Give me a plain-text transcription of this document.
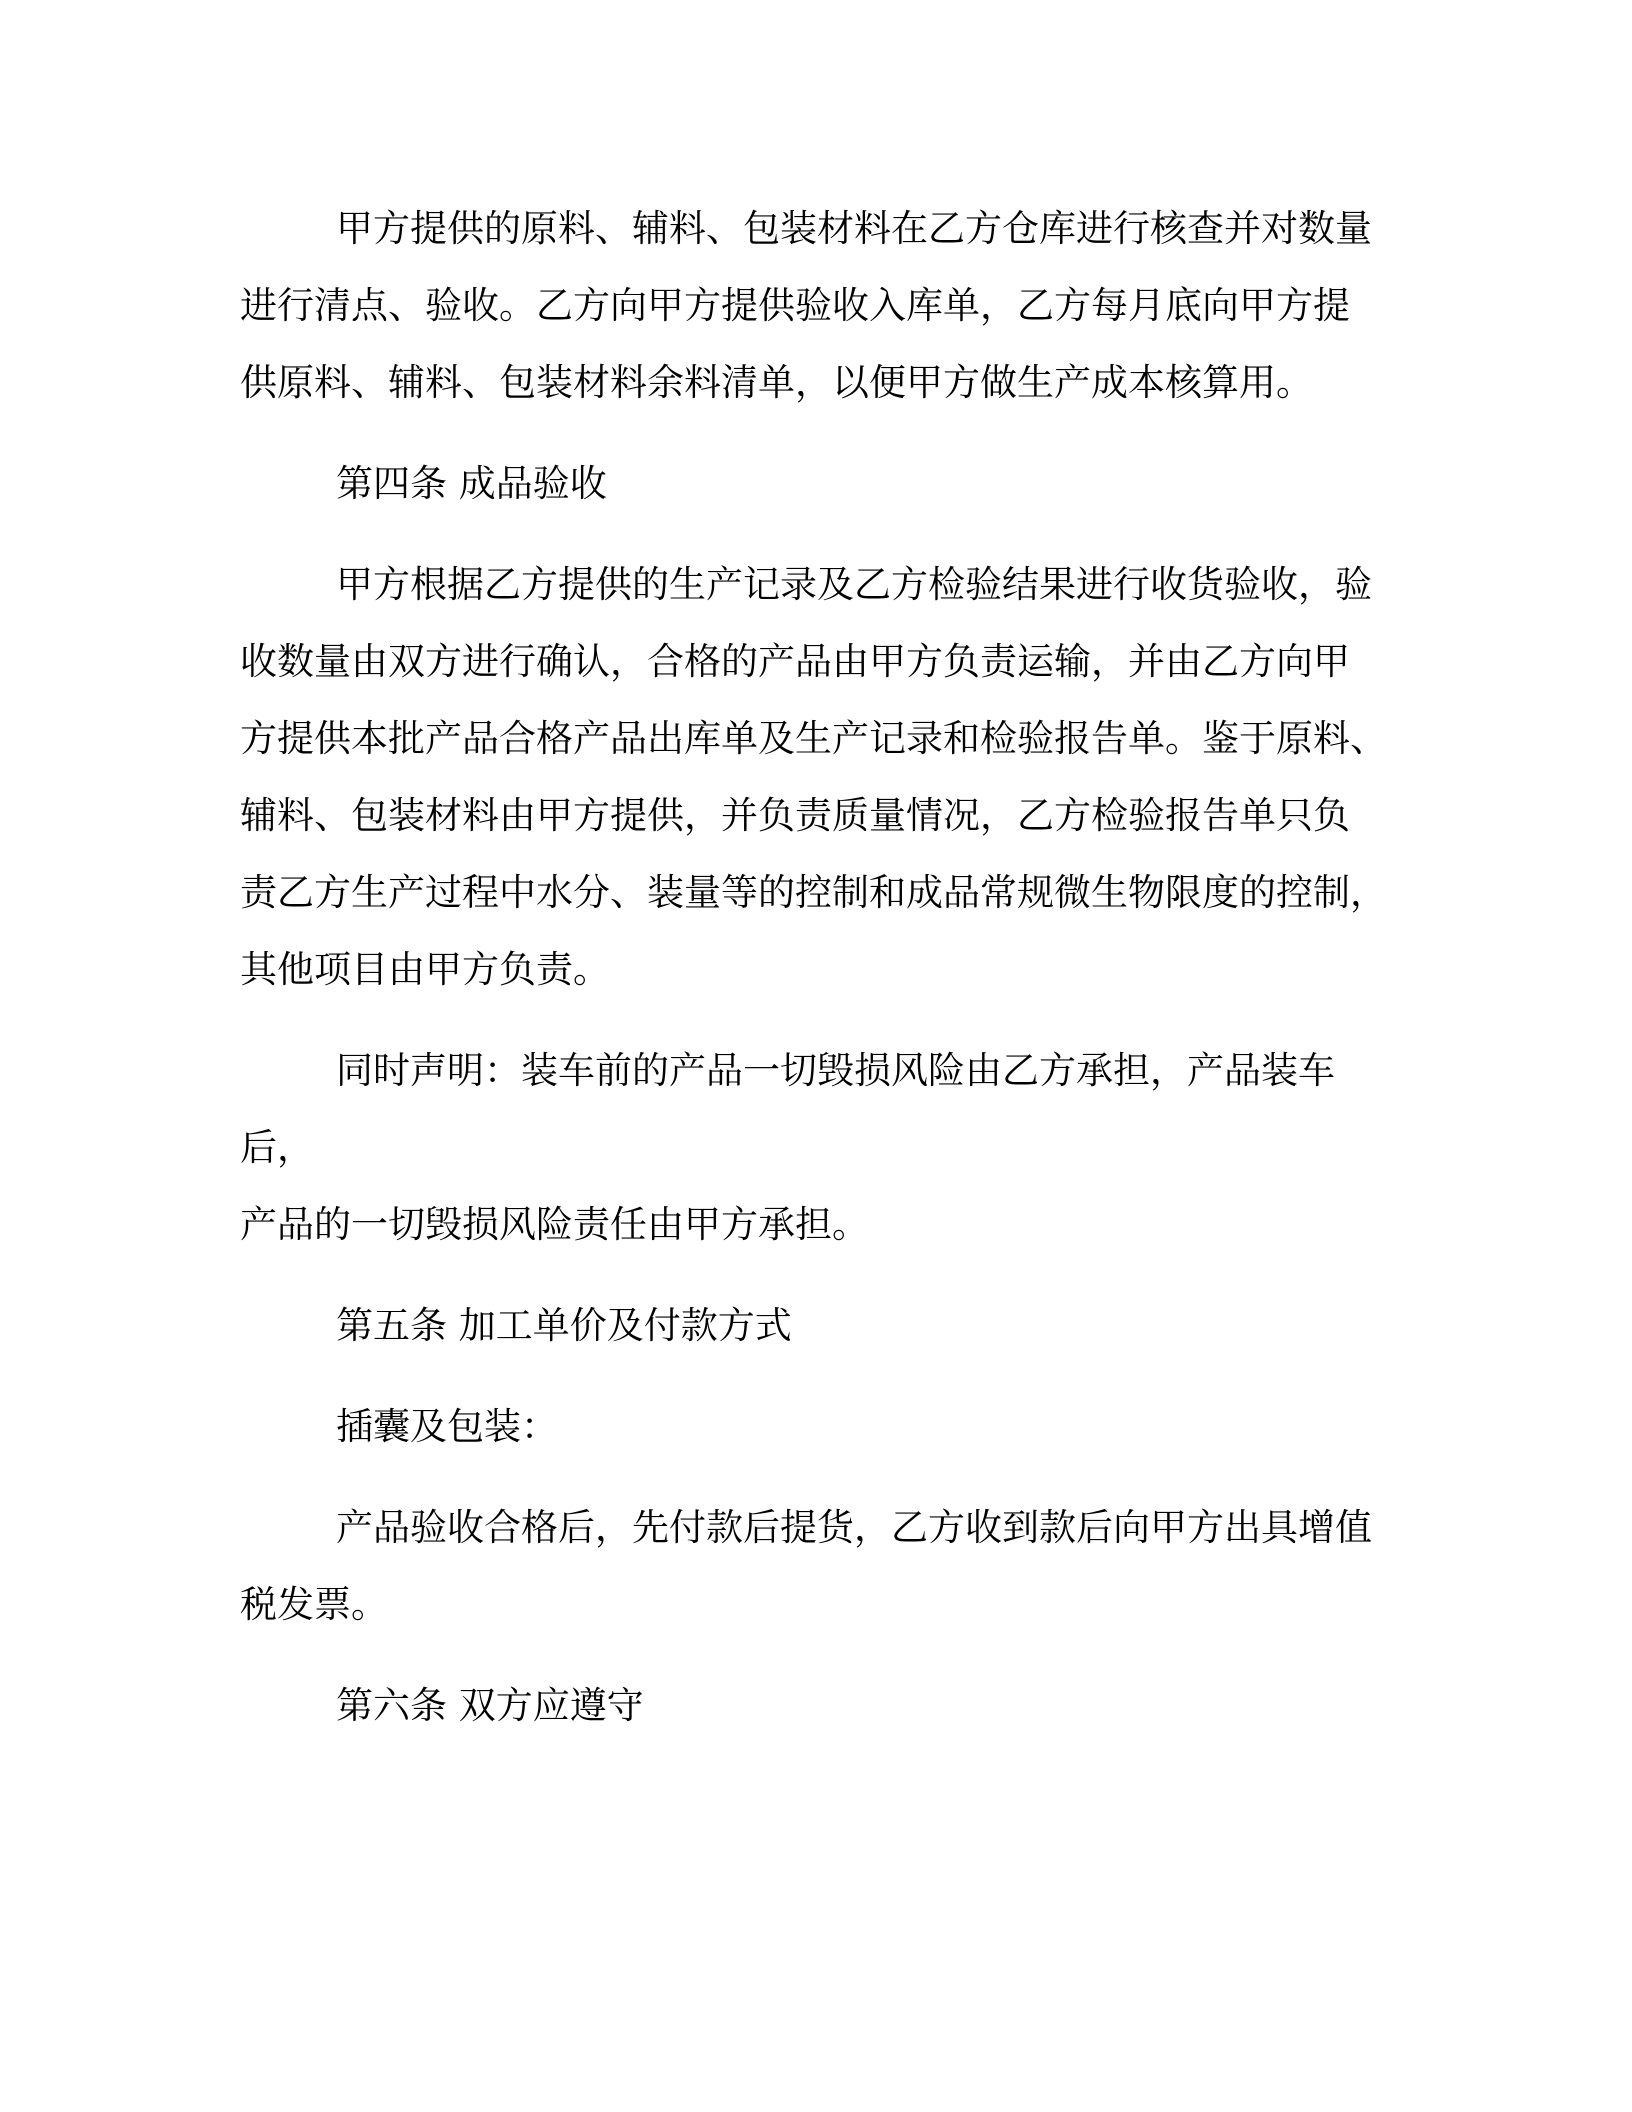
甲方提供的原料、辅料、包装材料在乙方仓库进行核查并对数量
进行清点、验收。乙方向甲方提供验收入库单，乙方每月底向甲方提
供原料、辅料、包装材料余料清单，以便甲方做生产成本核算用。

第四条 成品验收

甲方根据乙方提供的生产记录及乙方检验结果进行收货验收，验
收数量由双方进行确认，合格的产品由甲方负责运输，并由乙方向甲
方提供本批产品合格产品出库单及生产记录和检验报告单。鉴于原料、
辅料、包装材料由甲方提供，并负责质量情况，乙方检验报告单只负
责乙方生产过程中水分、装量等的控制和成品常规微生物限度的控制，
其他项目由甲方负责。

同时声明：装车前的产品一切毁损风险由乙方承担，产品装车后，
产品的一切毁损风险责任由甲方承担。

第五条 加工单价及付款方式

插囊及包装：

产品验收合格后，先付款后提货，乙方收到款后向甲方出具增值
税发票。

第六条 双方应遵守
